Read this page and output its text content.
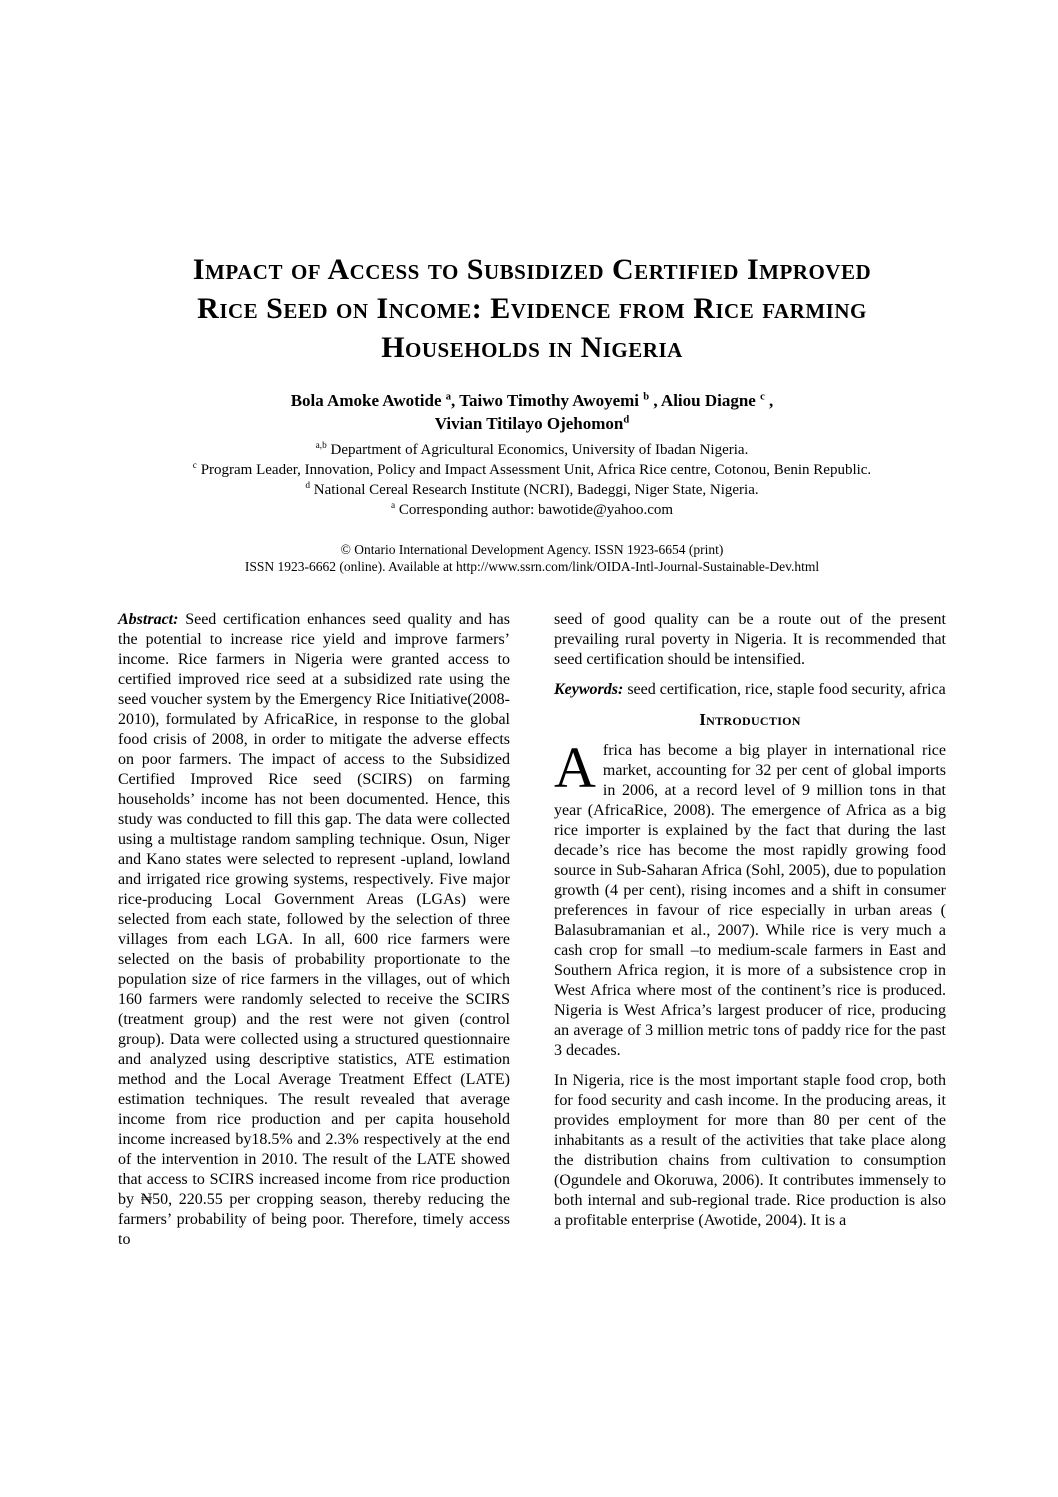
Impact of Access to Subsidized Certified Improved
Rice Seed on Income: Evidence from Rice farming
Households in Nigeria
Bola Amoke Awotide $^a$, Taiwo Timothy Awoyemi $^b$ , Aliou Diagne $^c$ ,
Vivian Titilayo Ojehomon$^d$
$^{a,b}$ Department of Agricultural Economics, University of Ibadan Nigeria.
$^c$ Program Leader, Innovation, Policy and Impact Assessment Unit, Africa Rice centre, Cotonou, Benin Republic.
$^d$ National Cereal Research Institute (NCRI), Badeggi, Niger State, Nigeria.
$^a$ Corresponding author: bawotide@yahoo.com
© Ontario International Development Agency. ISSN 1923-6654 (print)
ISSN 1923-6662 (online). Available at http://www.ssrn.com/link/OIDA-Intl-Journal-Sustainable-Dev.html

Abstract: Seed certification enhances seed quality and has the potential to increase rice yield and improve farmers’ income. Rice farmers in Nigeria were granted access to certified improved rice seed at a subsidized rate using the seed voucher system by the Emergency Rice Initiative(2008-2010), formulated by AfricaRice, in response to the global food crisis of 2008, in order to mitigate the adverse effects on poor farmers. The impact of access to the Subsidized Certified Improved Rice seed (SCIRS) on farming households’ income has not been documented. Hence, this study was conducted to fill this gap. The data were collected using a multistage random sampling technique. Osun, Niger and Kano states were selected to represent -upland, lowland and irrigated rice growing systems, respectively. Five major rice-producing Local Government Areas (LGAs) were selected from each state, followed by the selection of three villages from each LGA. In all, 600 rice farmers were selected on the basis of probability proportionate to the population size of rice farmers in the villages, out of which 160 farmers were randomly selected to receive the SCIRS (treatment group) and the rest were not given (control group). Data were collected using a structured questionnaire and analyzed using descriptive statistics, ATE estimation method and the Local Average Treatment Effect (LATE) estimation techniques. The result revealed that average income from rice production and per capita household income increased by18.5% and 2.3% respectively at the end of the intervention in 2010. The result of the LATE showed that access to SCIRS increased income from rice production by ₦50, 220.55 per cropping season, thereby reducing the farmers’ probability of being poor. Therefore, timely access to

seed of good quality can be a route out of the present prevailing rural poverty in Nigeria. It is recommended that seed certification should be intensified.

Keywords: seed certification, rice, staple food security, africa

Introduction

Africa has become a big player in international rice market, accounting for 32 per cent of global imports in 2006, at a record level of 9 million tons in that year (AfricaRice, 2008). The emergence of Africa as a big rice importer is explained by the fact that during the last decade’s rice has become the most rapidly growing food source in Sub-Saharan Africa (Sohl, 2005), due to population growth (4 per cent), rising incomes and a shift in consumer preferences in favour of rice especially in urban areas ( Balasubramanian et al., 2007). While rice is very much a cash crop for small –to medium-scale farmers in East and Southern Africa region, it is more of a subsistence crop in West Africa where most of the continent’s rice is produced. Nigeria is West Africa’s largest producer of rice, producing an average of 3 million metric tons of paddy rice for the past 3 decades.

In Nigeria, rice is the most important staple food crop, both for food security and cash income. In the producing areas, it provides employment for more than 80 per cent of the inhabitants as a result of the activities that take place along the distribution chains from cultivation to consumption (Ogundele and Okoruwa, 2006). It contributes immensely to both internal and sub-regional trade. Rice production is also a profitable enterprise (Awotide, 2004). It is a
